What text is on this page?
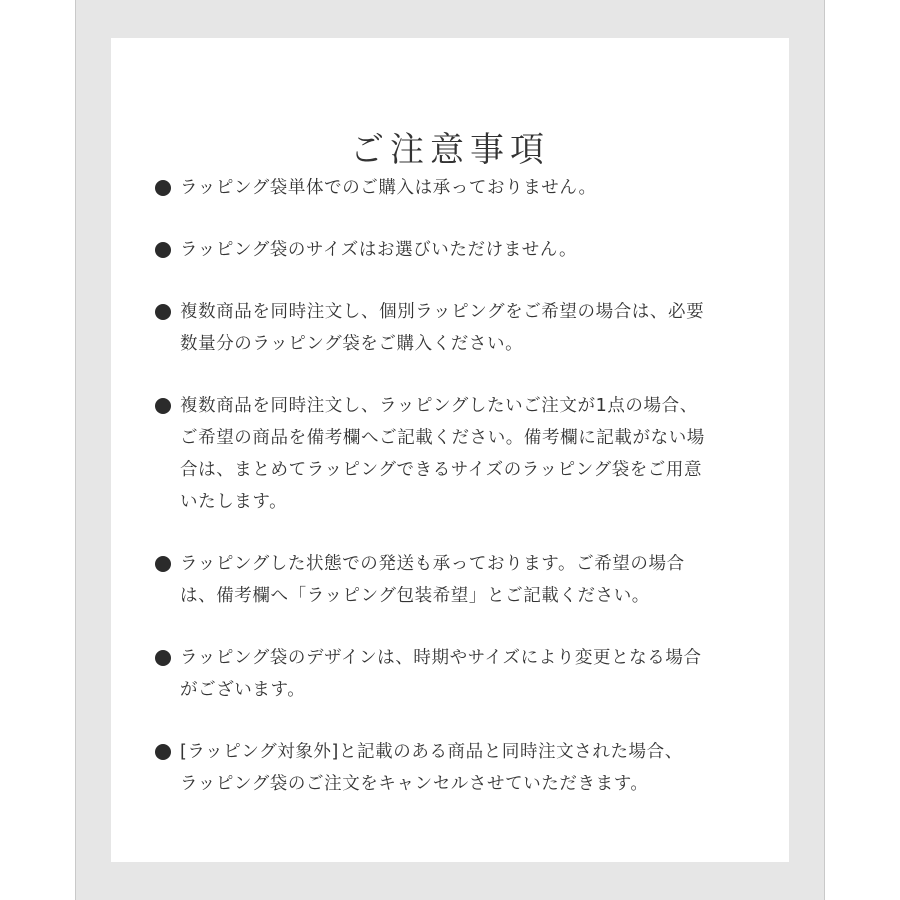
ご注意事項
ラッピング袋単体でのご購入は承っておりません。
ラッピング袋のサイズはお選びいただけません。
複数商品を同時注文し、個別ラッピングをご希望の場合は、必要
数量分のラッピング袋をご購入ください。
複数商品を同時注文し、ラッピングしたいご注文が1点の場合、
ご希望の商品を備考欄へご記載ください。備考欄に記載がない場
合は、まとめてラッピングできるサイズのラッピング袋をご用意
いたします。
ラッピングした状態での発送も承っております。ご希望の場合
は、備考欄へ「ラッピング包装希望」とご記載ください。
ラッピング袋のデザインは、時期やサイズにより変更となる場合
がございます。
[ラッピング対象外]と記載のある商品と同時注文された場合、
ラッピング袋のご注文をキャンセルさせていただきます。
